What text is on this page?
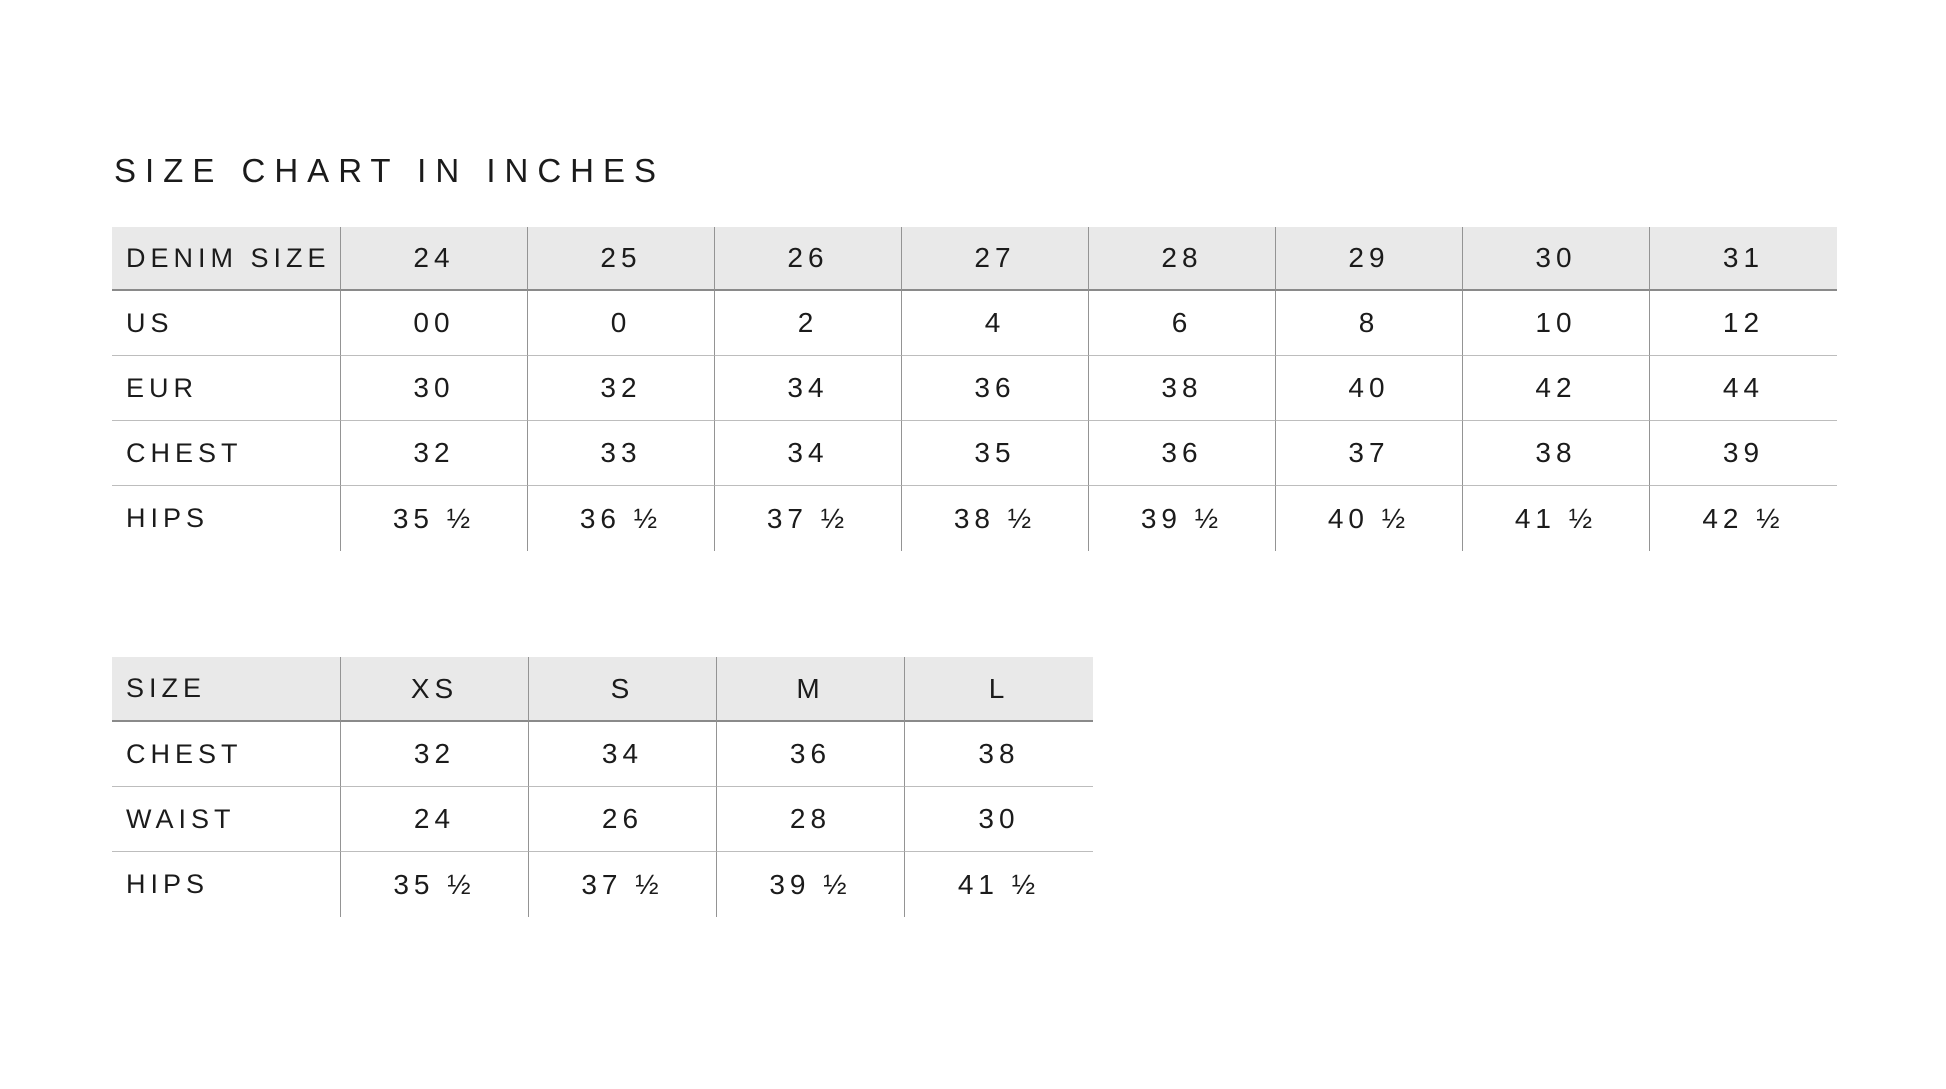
SIZE CHART IN INCHES
DENIM SIZE	24	25	26	27	28	29	30	31
US	00	0	2	4	6	8	10	12
EUR	30	32	34	36	38	40	42	44
CHEST	32	33	34	35	36	37	38	39
HIPS	35 ½	36 ½	37 ½	38 ½	39 ½	40 ½	41 ½	42 ½
SIZE	XS	S	M	L
CHEST	32	34	36	38
WAIST	24	26	28	30
HIPS	35 ½	37 ½	39 ½	41 ½
